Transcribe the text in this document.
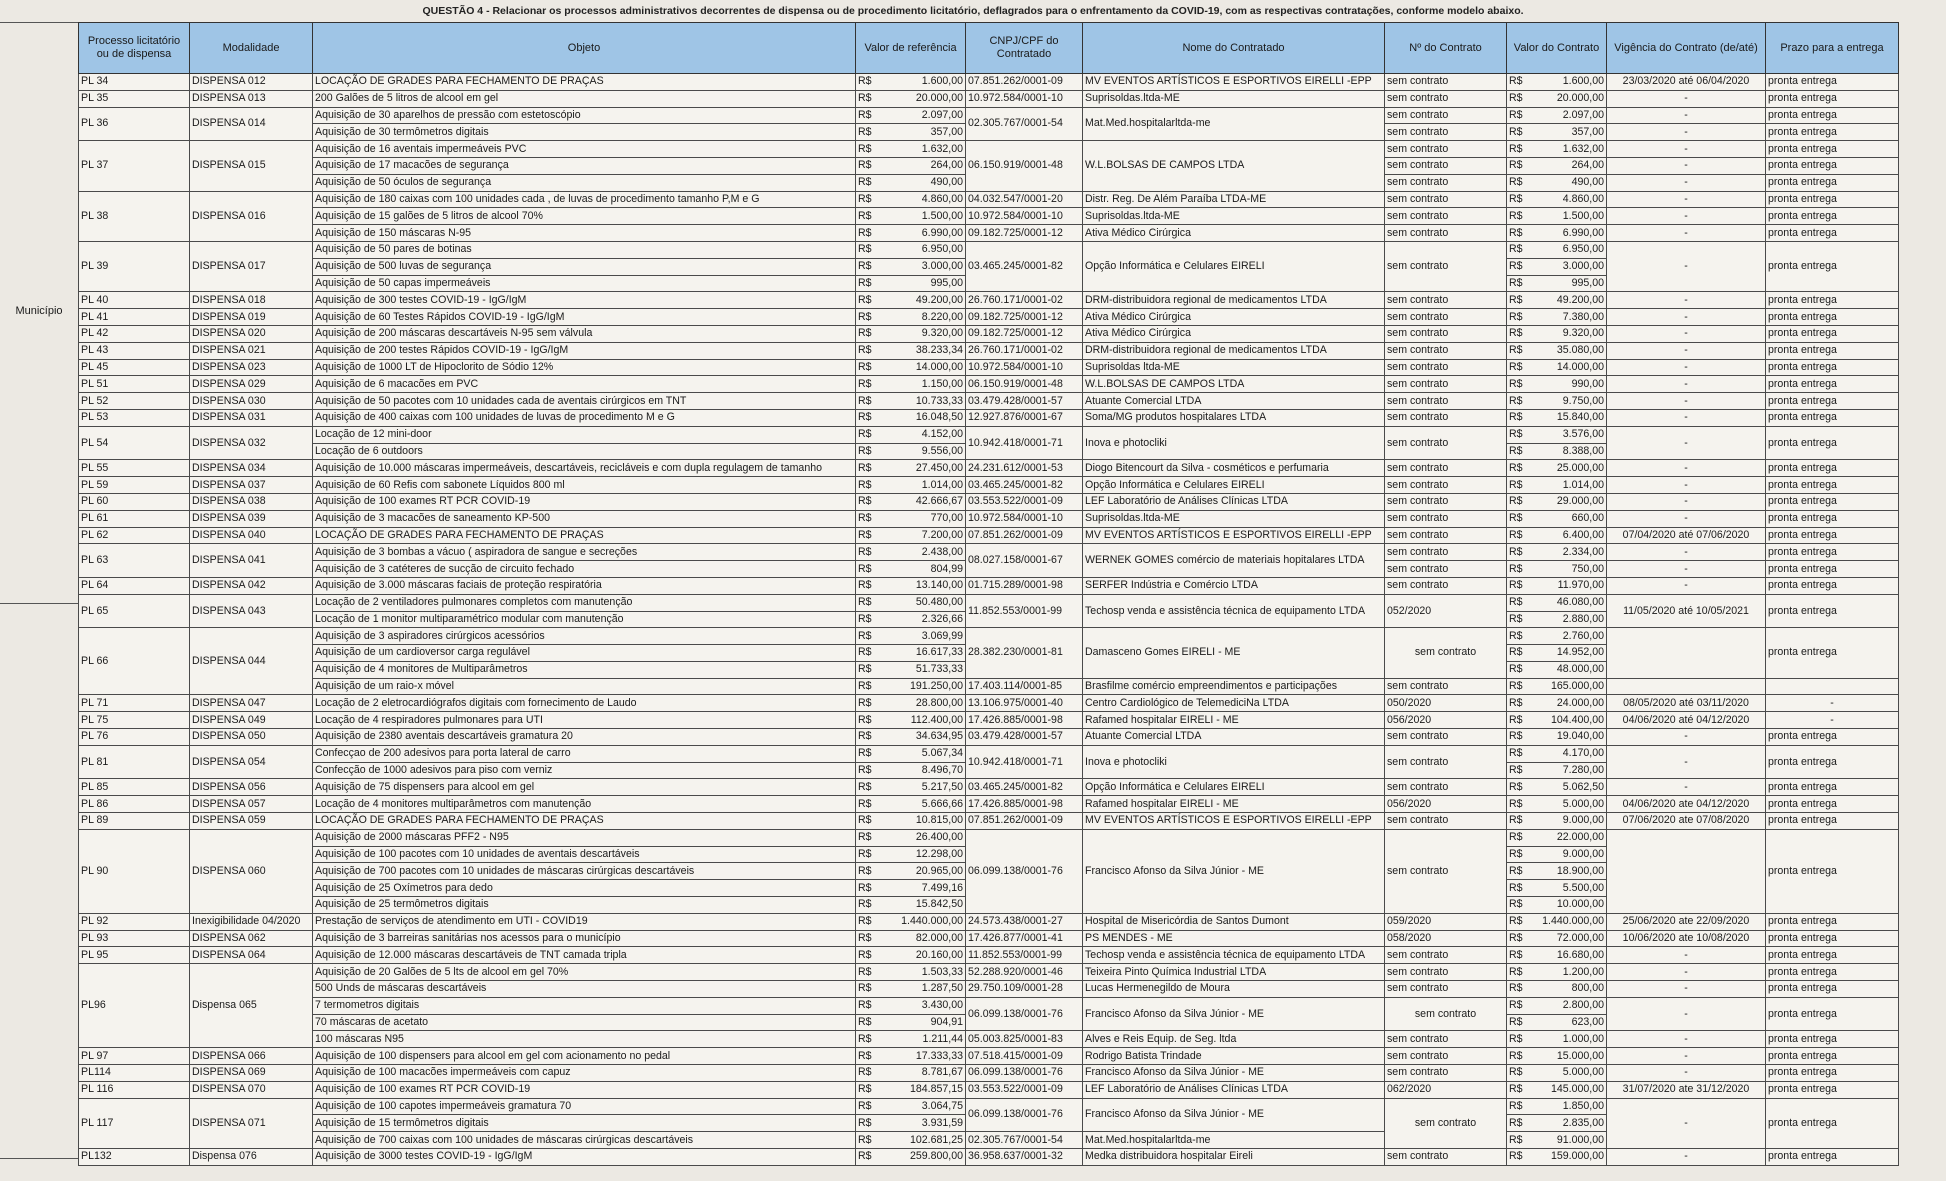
QUESTÃO 4 - Relacionar os processos administrativos decorrentes de dispensa ou de procedimento licitatório, deflagrados para o enfrentamento da COVID-19, com as respectivas contratações, conforme modelo abaixo.
Município
Processo licitatório ou de dispensa	Modalidade	Objeto	Valor de referência		CNPJ/CPF do Contratado	Nome do Contratado	Nº do Contrato	Valor do Contrato		Vigência do Contrato (de/até)	Prazo para a entrega
PL 34	DISPENSA 012	LOCAÇÃO DE GRADES PARA FECHAMENTO DE PRAÇAS	R$	1.600,00	07.851.262/0001-09	MV EVENTOS ARTÍSTICOS E ESPORTIVOS EIRELLI -EPP	sem contrato	R$	1.600,00	23/03/2020 até 06/04/2020	pronta entrega
PL 35	DISPENSA 013	200 Galões de 5 litros de alcool em gel	R$	20.000,00	10.972.584/0001-10	Suprisoldas.ltda-ME	sem contrato	R$	20.000,00	-	pronta entrega
PL 36	DISPENSA 014	Aquisição de 30 aparelhos de pressão com estetoscópio	R$	2.097,00	02.305.767/0001-54	Mat.Med.hospitalarltda-me	sem contrato	R$	2.097,00	-	pronta entrega
		Aquisição de 30 termômetros digitais	R$	357,00			sem contrato	R$	357,00	-	pronta entrega
PL 37	DISPENSA 015	Aquisição de 16 aventais impermeáveis PVC	R$	1.632,00	06.150.919/0001-48	W.L.BOLSAS DE CAMPOS LTDA	sem contrato	R$	1.632,00	-	pronta entrega
		Aquisição de 17 macacões de segurança	R$	264,00			sem contrato	R$	264,00	-	pronta entrega
		Aquisição de 50 óculos de segurança	R$	490,00			sem contrato	R$	490,00	-	pronta entrega
PL 38	DISPENSA 016	Aquisição de 180 caixas com 100 unidades cada , de luvas de procedimento tamanho P,M e G	R$	4.860,00	04.032.547/0001-20	Distr. Reg. De Além Paraíba LTDA-ME	sem contrato	R$	4.860,00	-	pronta entrega
		Aquisição de 15 galões de 5 litros de alcool 70%	R$	1.500,00	10.972.584/0001-10	Suprisoldas.ltda-ME	sem contrato	R$	1.500,00	-	pronta entrega
		Aquisição de 150 máscaras N-95	R$	6.990,00	09.182.725/0001-12	Ativa Médico Cirúrgica	sem contrato	R$	6.990,00	-	pronta entrega
PL 39	DISPENSA 017	Aquisição de 50 pares de botinas	R$	6.950,00	03.465.245/0001-82	Opção Informática e Celulares EIRELI	sem contrato	R$	6.950,00	-	pronta entrega
		Aquisição de 500 luvas de segurança	R$	3.000,00				R$	3.000,00		
		Aquisição de 50 capas impermeáveis	R$	995,00				R$	995,00		
PL 40	DISPENSA 018	Aquisição de 300 testes COVID-19 - IgG/IgM	R$	49.200,00	26.760.171/0001-02	DRM-distribuidora regional de medicamentos LTDA	sem contrato	R$	49.200,00	-	pronta entrega
PL 41	DISPENSA 019	Aquisição de 60 Testes Rápidos COVID-19 - IgG/IgM	R$	8.220,00	09.182.725/0001-12	Ativa Médico Cirúrgica	sem contrato	R$	7.380,00	-	pronta entrega
PL 42	DISPENSA 020	Aquisição de 200 máscaras descartáveis N-95 sem válvula	R$	9.320,00	09.182.725/0001-12	Ativa Médico Cirúrgica	sem contrato	R$	9.320,00	-	pronta entrega
PL 43	DISPENSA 021	Aquisição de 200 testes Rápidos COVID-19 - IgG/IgM	R$	38.233,34	26.760.171/0001-02	DRM-distribuidora regional de medicamentos LTDA	sem contrato	R$	35.080,00	-	pronta entrega
PL 45	DISPENSA 023	Aquisição de 1000 LT de Hipoclorito de Sódio 12%	R$	14.000,00	10.972.584/0001-10	Suprisoldas ltda-ME	sem contrato	R$	14.000,00	-	pronta entrega
PL 51	DISPENSA 029	Aquisição de 6 macacões em PVC	R$	1.150,00	06.150.919/0001-48	W.L.BOLSAS DE CAMPOS LTDA	sem contrato	R$	990,00	-	pronta entrega
PL 52	DISPENSA 030	Aquisição de 50 pacotes com 10 unidades cada de aventais cirúrgicos em TNT	R$	10.733,33	03.479.428/0001-57	Atuante Comercial LTDA	sem contrato	R$	9.750,00	-	pronta entrega
PL 53	DISPENSA 031	Aquisição de 400 caixas com 100 unidades de luvas de procedimento M e G	R$	16.048,50	12.927.876/0001-67	Soma/MG produtos hospitalares LTDA	sem contrato	R$	15.840,00	-	pronta entrega
PL 54	DISPENSA 032	Locação de 12 mini-door	R$	4.152,00	10.942.418/0001-71	Inova e photocliki	sem contrato	R$	3.576,00	-	pronta entrega
		Locação de 6 outdoors	R$	9.556,00				R$	8.388,00		
PL 55	DISPENSA 034	Aquisição de 10.000 máscaras impermeáveis, descartáveis, recicláveis e com dupla regulagem de tamanho	R$	27.450,00	24.231.612/0001-53	Diogo Bitencourt da Silva - cosméticos e perfumaria	sem contrato	R$	25.000,00	-	pronta entrega
PL 59	DISPENSA 037	Aquisição de 60 Refis com sabonete Líquidos 800 ml	R$	1.014,00	03.465.245/0001-82	Opção Informática e Celulares EIRELI	sem contrato	R$	1.014,00	-	pronta entrega
PL 60	DISPENSA 038	Aquisição de 100 exames RT PCR COVID-19	R$	42.666,67	03.553.522/0001-09	LEF Laboratório de Análises Clínicas LTDA	sem contrato	R$	29.000,00	-	pronta entrega
PL 61	DISPENSA 039	Aquisição de 3 macacões de saneamento KP-500	R$	770,00	10.972.584/0001-10	Suprisoldas.ltda-ME	sem contrato	R$	660,00	-	pronta entrega
PL 62	DISPENSA 040	LOCAÇÃO DE GRADES PARA FECHAMENTO DE PRAÇAS	R$	7.200,00	07.851.262/0001-09	MV EVENTOS ARTÍSTICOS E ESPORTIVOS EIRELLI -EPP	sem contrato	R$	6.400,00	07/04/2020 até 07/06/2020	pronta entrega
PL 63	DISPENSA 041	Aquisição de 3 bombas a vácuo ( aspiradora de sangue e secreções	R$	2.438,00	08.027.158/0001-67	WERNEK GOMES comércio de materiais hopitalares LTDA	sem contrato	R$	2.334,00	-	pronta entrega
		Aquisição de 3 catéteres de sucção de circuito fechado	R$	804,99			sem contrato	R$	750,00	-	pronta entrega
PL 64	DISPENSA 042	Aquisição de 3.000 máscaras faciais de proteção respiratória	R$	13.140,00	01.715.289/0001-98	SERFER Indústria e Comércio LTDA	sem contrato	R$	11.970,00	-	pronta entrega
PL 65	DISPENSA 043	Locação de 2 ventiladores pulmonares completos com manutenção	R$	50.480,00	11.852.553/0001-99	Techosp venda e assistência técnica de equipamento LTDA	052/2020	R$	46.080,00	11/05/2020 até 10/05/2021	pronta entrega
		Locação de 1 monitor multiparamétrico modular com manutenção	R$	2.326,66				R$	2.880,00		
PL 66	DISPENSA 044	Aquisição de 3 aspiradores cirúrgicos acessórios	R$	3.069,99	28.382.230/0001-81	Damasceno Gomes EIRELI - ME	sem contrato	R$	2.760,00		pronta entrega
		Aquisição de um cardioversor carga regulável	R$	16.617,33				R$	14.952,00		
		Aquisição de 4 monitores de Multiparâmetros	R$	51.733,33				R$	48.000,00		
		Aquisição de um raio-x móvel	R$	191.250,00	17.403.114/0001-85	Brasfilme comércio empreendimentos e participações	sem contrato	R$	165.000,00		
PL 71	DISPENSA 047	Locação de 2 eletrocardiógrafos digitais com fornecimento de Laudo	R$	28.800,00	13.106.975/0001-40	Centro Cardiológico de TelemediciNa LTDA	050/2020	R$	24.000,00	08/05/2020 até 03/11/2020	-
PL 75	DISPENSA 049	Locação de 4 respiradores pulmonares para UTI	R$	112.400,00	17.426.885/0001-98	Rafamed hospitalar EIRELI - ME	056/2020	R$	104.400,00	04/06/2020 até 04/12/2020	-
PL 76	DISPENSA 050	Aquisição de 2380 aventais descartáveis gramatura 20	R$	34.634,95	03.479.428/0001-57	Atuante Comercial LTDA	sem contrato	R$	19.040,00	-	pronta entrega
PL 81	DISPENSA 054	Confecçao de 200 adesivos para porta lateral de carro	R$	5.067,34	10.942.418/0001-71	Inova e photocliki	sem contrato	R$	4.170,00	-	pronta entrega
		Confecção de 1000 adesivos para piso com verniz	R$	8.496,70				R$	7.280,00		
PL 85	DISPENSA 056	Aquisição de 75 dispensers para alcool em gel	R$	5.217,50	03.465.245/0001-82	Opção Informática e Celulares EIRELI	sem contrato	R$	5.062,50	-	pronta entrega
PL 86	DISPENSA 057	Locação de 4 monitores multiparâmetros com manutenção	R$	5.666,66	17.426.885/0001-98	Rafamed hospitalar EIRELI - ME	056/2020	R$	5.000,00	04/06/2020 ate 04/12/2020	pronta entrega
PL 89	DISPENSA 059	LOCAÇÃO DE GRADES PARA FECHAMENTO DE PRAÇAS	R$	10.815,00	07.851.262/0001-09	MV EVENTOS ARTÍSTICOS E ESPORTIVOS EIRELLI -EPP	sem contrato	R$	9.000,00	07/06/2020 ate 07/08/2020	pronta entrega
PL 90	DISPENSA 060	Aquisição de 2000 máscaras PFF2 - N95	R$	26.400,00	06.099.138/0001-76	Francisco Afonso da Silva Júnior - ME	sem contrato	R$	22.000,00		pronta entrega
		Aquisição de 100 pacotes com 10 unidades de aventais descartáveis	R$	12.298,00				R$	9.000,00		
		Aquisição de 700 pacotes com 10 unidades de máscaras cirúrgicas descartáveis	R$	20.965,00				R$	18.900,00		
		Aquisição de 25 Oxímetros para dedo	R$	7.499,16				R$	5.500,00		
		Aquisição de 25 termômetros digitais	R$	15.842,50				R$	10.000,00		
PL 92	Inexigibilidade 04/2020	Prestação de serviços de atendimento em UTI - COVID19	R$	1.440.000,00	24.573.438/0001-27	Hospital de Misericórdia de Santos Dumont	059/2020	R$	1.440.000,00	25/06/2020 ate 22/09/2020	pronta entrega
PL 93	DISPENSA 062	Aquisição de 3 barreiras sanitárias nos acessos para o município	R$	82.000,00	17.426.877/0001-41	PS MENDES - ME	058/2020	R$	72.000,00	10/06/2020 ate 10/08/2020	pronta entrega
PL 95	DISPENSA 064	Aquisição de 12.000 máscaras descartáveis de TNT camada tripla	R$	20.160,00	11.852.553/0001-99	Techosp venda e assistência técnica de equipamento LTDA	sem contrato	R$	16.680,00	-	pronta entrega
PL96	Dispensa 065	Aquisição de 20 Galões de 5 lts de alcool em gel 70%	R$	1.503,33	52.288.920/0001-46	Teixeira Pinto Química Industrial LTDA	sem contrato	R$	1.200,00	-	pronta entrega
		500 Unds de máscaras descartáveis	R$	1.287,50	29.750.109/0001-28	Lucas Hermenegildo de Moura	sem contrato	R$	800,00	-	pronta entrega
		7 termometros digitais	R$	3.430,00	06.099.138/0001-76	Francisco Afonso da Silva Júnior - ME	sem contrato	R$	2.800,00	-	pronta entrega
		70 máscaras de acetato	R$	904,91				R$	623,00		
		100 máscaras N95	R$	1.211,44	05.003.825/0001-83	Alves e Reis Equip. de Seg. ltda	sem contrato	R$	1.000,00	-	pronta entrega
PL 97	DISPENSA 066	Aquisição de 100 dispensers para alcool em gel com acionamento no pedal	R$	17.333,33	07.518.415/0001-09	Rodrigo Batista Trindade	sem contrato	R$	15.000,00	-	pronta entrega
PL114	DISPENSA 069	Aquisição de 100 macacões impermeáveis com capuz	R$	8.781,67	06.099.138/0001-76	Francisco Afonso da Silva Júnior - ME	sem contrato	R$	5.000,00	-	pronta entrega
PL 116	DISPENSA 070	Aquisição de 100 exames RT PCR COVID-19	R$	184.857,15	03.553.522/0001-09	LEF Laboratório de Análises Clínicas LTDA	062/2020	R$	145.000,00	31/07/2020 ate 31/12/2020	pronta entrega
PL 117	DISPENSA 071	Aquisição de 100 capotes impermeáveis gramatura 70	R$	3.064,75	06.099.138/0001-76	Francisco Afonso da Silva Júnior - ME	sem contrato	R$	1.850,00	-	pronta entrega
		Aquisição de 15 termômetros digitais	R$	3.931,59				R$	2.835,00		
		Aquisição de 700 caixas com 100 unidades de máscaras cirúrgicas descartáveis	R$	102.681,25	02.305.767/0001-54	Mat.Med.hospitalarltda-me		R$	91.000,00		
PL132	Dispensa 076	Aquisição de 3000 testes COVID-19 - IgG/IgM	R$	259.800,00	36.958.637/0001-32	Medka distribuidora hospitalar Eireli	sem contrato	R$	159.000,00	-	pronta entrega
